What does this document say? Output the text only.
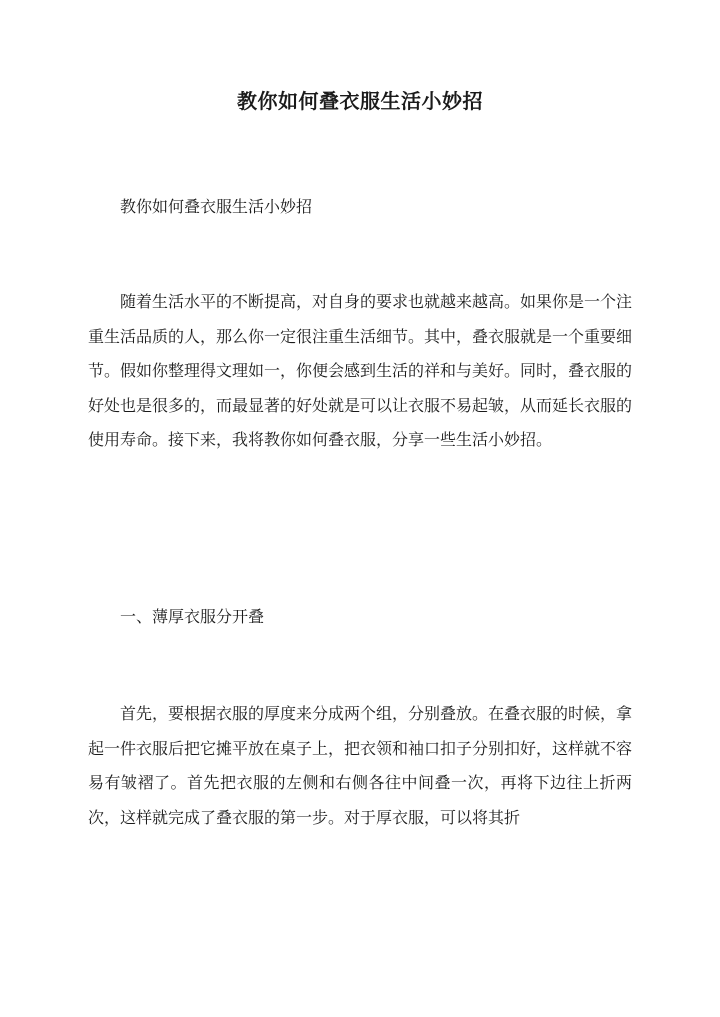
教你如何叠衣服生活小妙招

教你如何叠衣服生活小妙招

随着生活水平的不断提高，对自身的要求也就越来越高。如果你是一个注重生活品质的人，那么你一定很注重生活细节。其中，叠衣服就是一个重要细节。假如你整理得文理如一，你便会感到生活的祥和与美好。同时，叠衣服的好处也是很多的，而最显著的好处就是可以让衣服不易起皱，从而延长衣服的使用寿命。接下来，我将教你如何叠衣服，分享一些生活小妙招。

一、薄厚衣服分开叠

首先，要根据衣服的厚度来分成两个组，分别叠放。在叠衣服的时候，拿起一件衣服后把它摊平放在桌子上，把衣领和袖口扣子分别扣好，这样就不容易有皱褶了。首先把衣服的左侧和右侧各往中间叠一次，再将下边往上折两次，这样就完成了叠衣服的第一步。对于厚衣服，可以将其折
